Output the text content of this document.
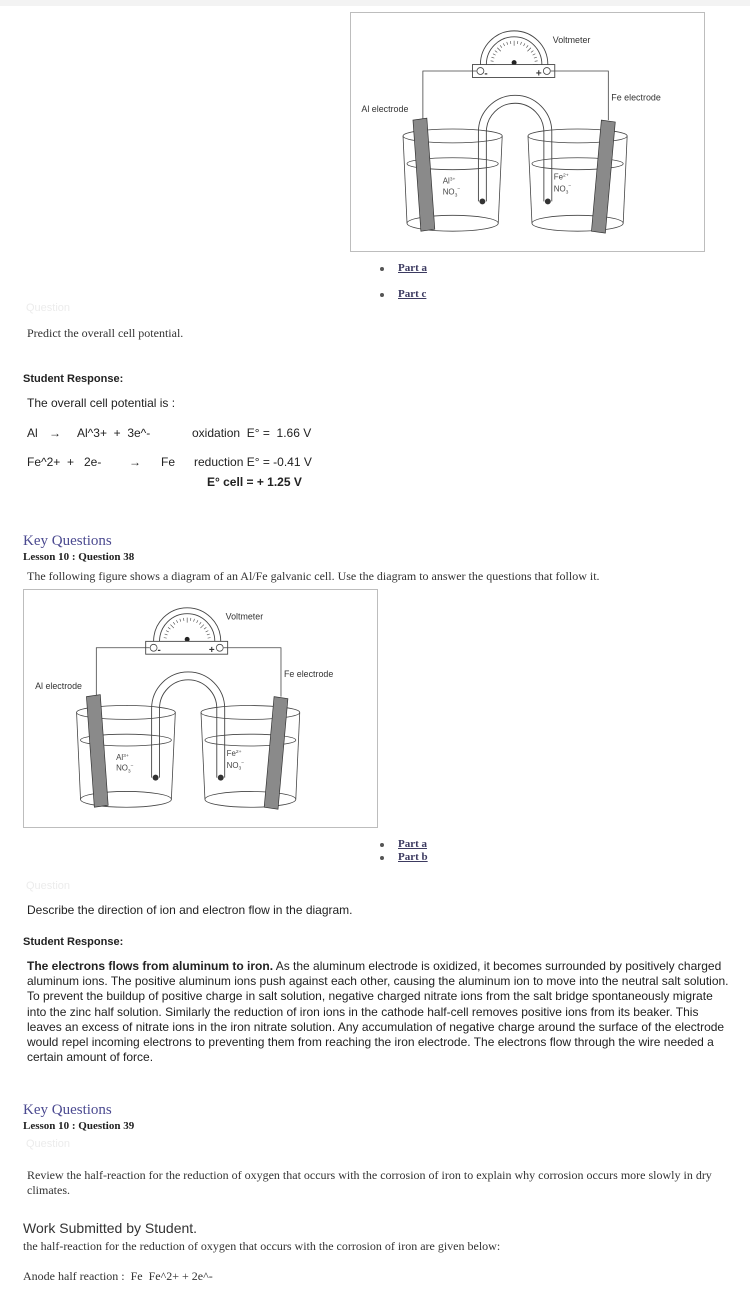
Voltmeter
Al electrode
Fe electrode
-	+
$Al^{3+}$
$NO_3^-$
$Fe^{2+}$
$NO_3^-$
Part a
Part c
Question
Predict the overall cell potential.
Student Response:
The overall cell potential is :
Al → Al^3+  +  3e^-	oxidation  E° =  1.66 V
Fe^2+  +   2e- → Fe reduction E° = -0.41 V
E° cell = + 1.25 V
Key Questions
Lesson 10 : Question 38
The following figure shows a diagram of an Al/Fe galvanic cell. Use the diagram to answer the questions that follow it.
Voltmeter
Al electrode
Fe electrode
-	+
$Al^{3+}$
$NO_3^-$
$Fe^{2+}$
$NO_3^-$
Part a
Part b
Question
Describe the direction of ion and electron flow in the diagram.
Student Response:
The electrons flows from aluminum to iron. As the aluminum electrode is oxidized, it becomes surrounded by positively charged aluminum ions. The positive aluminum ions push against each other, causing the aluminum ion to move into the neutral salt solution. To prevent the buildup of positive charge in salt solution, negative charged nitrate ions from the salt bridge spontaneously migrate into the zinc half solution. Similarly the reduction of iron ions in the cathode half-cell removes positive ions from its beaker. This leaves an excess of nitrate ions in the iron nitrate solution. Any accumulation of negative charge around the surface of the electrode would repel incoming electrons to preventing them from reaching the iron electrode. The electrons flow through the wire needed a certain amount of force.
Key Questions
Lesson 10 : Question 39
Question
Review the half-reaction for the reduction of oxygen that occurs with the corrosion of iron to explain why corrosion occurs more slowly in dry climates.
Work Submitted by Student.
the half-reaction for the reduction of oxygen that occurs with the corrosion of iron are given below:
Anode half reaction :  Fe  Fe^2+ + 2e^-
